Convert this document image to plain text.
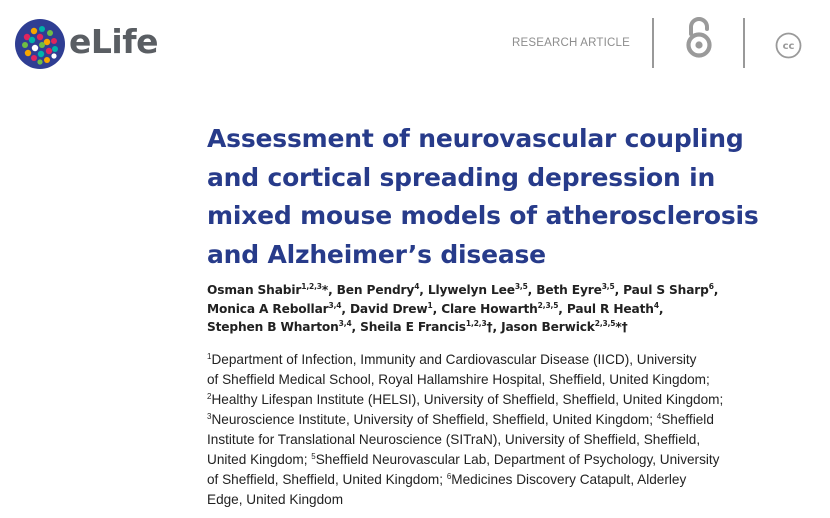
eLife	RESEARCH ARTICLE	cc
Assessment of neurovascular coupling
and cortical spreading depression in
mixed mouse models of atherosclerosis
and Alzheimer’s disease
Osman Shabir$^{1,2,3}$*, Ben Pendry$^4$, Llywelyn Lee$^{3,5}$, Beth Eyre$^{3,5}$, Paul S Sharp$^6$,
Monica A Rebollar$^{3,4}$, David Drew$^1$, Clare Howarth$^{2,3,5}$, Paul R Heath$^4$,
Stephen B Wharton$^{3,4}$, Sheila E Francis$^{1,2,3}$†, Jason Berwick$^{2,3,5}$*†
$^1$Department of Infection, Immunity and Cardiovascular Disease (IICD), University
of Sheffield Medical School, Royal Hallamshire Hospital, Sheffield, United Kingdom;
$^2$Healthy Lifespan Institute (HELSI), University of Sheffield, Sheffield, United Kingdom;
$^3$Neuroscience Institute, University of Sheffield, Sheffield, United Kingdom; $^4$Sheffield
Institute for Translational Neuroscience (SITraN), University of Sheffield, Sheffield,
United Kingdom; $^5$Sheffield Neurovascular Lab, Department of Psychology, University
of Sheffield, Sheffield, United Kingdom; $^6$Medicines Discovery Catapult, Alderley
Edge, United Kingdom
